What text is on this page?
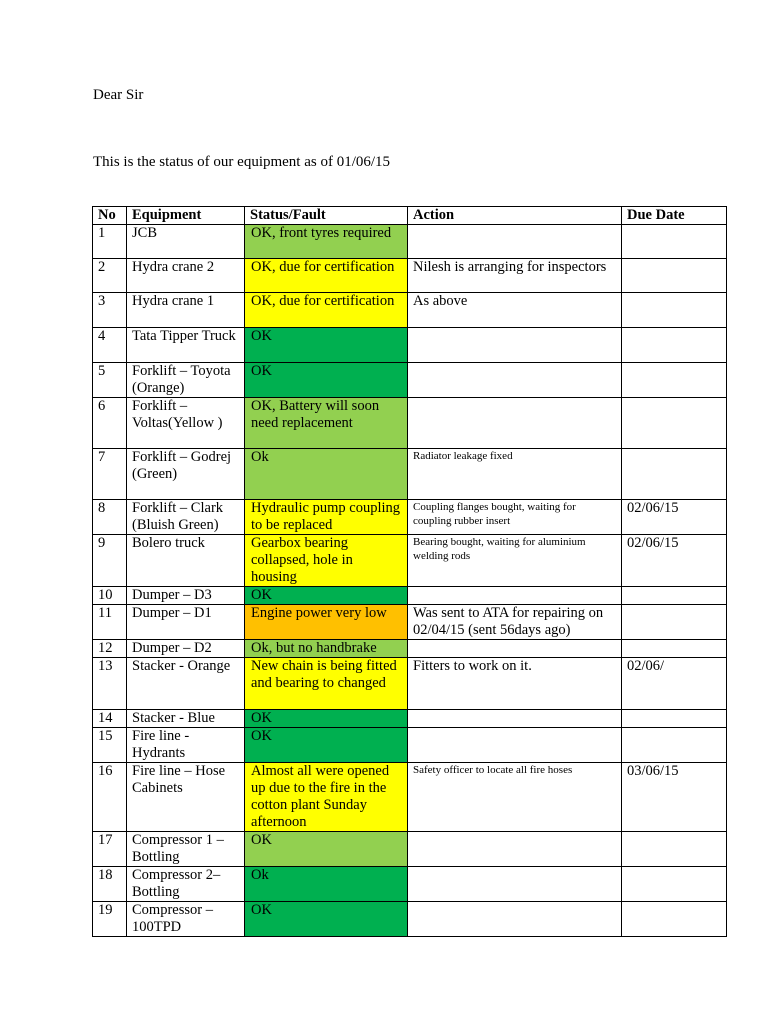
Dear Sir
This is the status of our equipment as of 01/06/15
No	Equipment	Status/Fault	Action	Due Date
1	JCB	OK, front tyres required		
2	Hydra crane 2	OK, due for certification	Nilesh is arranging for inspectors	
3	Hydra crane 1	OK, due for certification	As above	
4	Tata Tipper Truck	OK		
5	Forklift – Toyota (Orange)	OK		
6	Forklift – Voltas(Yellow )	OK, Battery will soon need replacement		
7	Forklift – Godrej (Green)	Ok	Radiator leakage fixed	
8	Forklift – Clark (Bluish Green)	Hydraulic pump coupling to be replaced	Coupling flanges bought, waiting for coupling rubber insert	02/06/15
9	Bolero truck	Gearbox bearing collapsed, hole in housing	Bearing bought, waiting for aluminium welding rods	02/06/15
10	Dumper – D3	OK		
11	Dumper – D1	Engine power very low	Was sent to ATA for repairing on 02/04/15 (sent 56days ago)	
12	Dumper – D2	Ok, but no handbrake		
13	Stacker - Orange	New chain is being fitted and bearing to changed	Fitters to work on it.	02/06/
14	Stacker - Blue	OK		
15	Fire line - Hydrants	OK		
16	Fire line – Hose Cabinets	Almost all were opened up due to the fire in the cotton plant Sunday afternoon	Safety officer to locate all fire hoses	03/06/15
17	Compressor 1 – Bottling	OK		
18	Compressor 2– Bottling	Ok		
19	Compressor – 100TPD	OK		
